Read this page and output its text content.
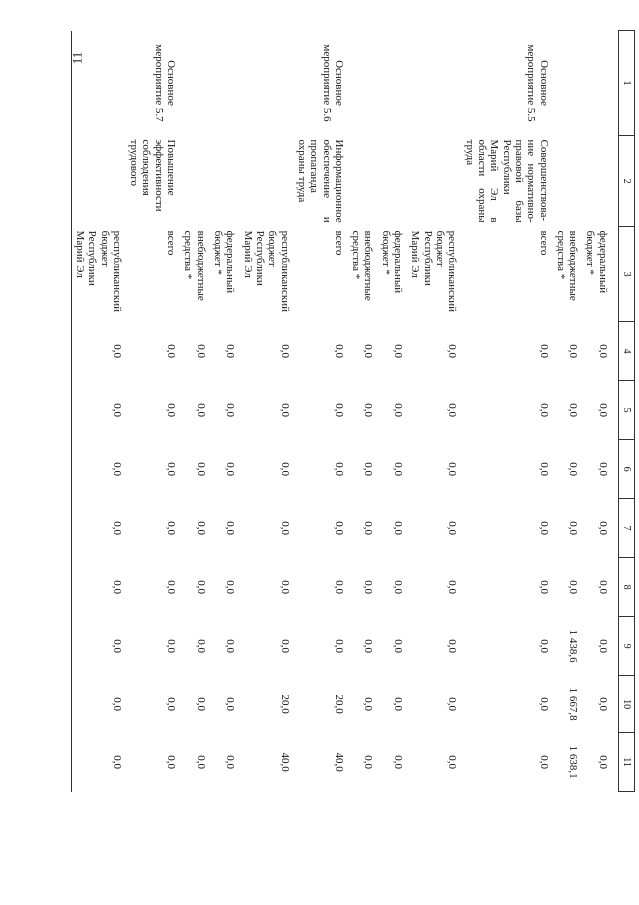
11
1	2	3	4	5	6	7	8	9	10	11
		федеральный бюджет *	0,0	0,0	0,0	0,0	0,0	0,0	0,0	0,0
		внебюджетные средства *	0,0	0,0	0,0	0,0	0,0	1 438,6	1 667,8	1 638,1
Основное мероприятие 5.5	Совершенствова-ние нормативно-правовой базы Республики Марий Эл в области охраны труда	всего	0,0	0,0	0,0	0,0	0,0	0,0	0,0	0,0
		республиканский бюджет Республики Марий Эл	0,0	0,0	0,0	0,0	0,0	0,0	0,0	0,0
		федеральный бюджет *	0,0	0,0	0,0	0,0	0,0	0,0	0,0	0,0
		внебюджетные средства *	0,0	0,0	0,0	0,0	0,0	0,0	0,0	0,0
Основное мероприятие 5.6	Информационное обеспечение и пропаганда охраны труда	всего	0,0	0,0	0,0	0,0	0,0	0,0	20,0	40,0
		республиканский бюджет Республики Марий Эл	0,0	0,0	0,0	0,0	0,0	0,0	20,0	40,0
		федеральный бюджет *	0,0	0,0	0,0	0,0	0,0	0,0	0,0	0,0
		внебюджетные средства *	0,0	0,0	0,0	0,0	0,0	0,0	0,0	0,0
Основное мероприятие 5.7	Повышение эффективности соблюдения трудового	всего	0,0	0,0	0,0	0,0	0,0	0,0	0,0	0,0
		республиканский бюджет Республики Марий Эл	0,0	0,0	0,0	0,0	0,0	0,0	0,0	0,0
